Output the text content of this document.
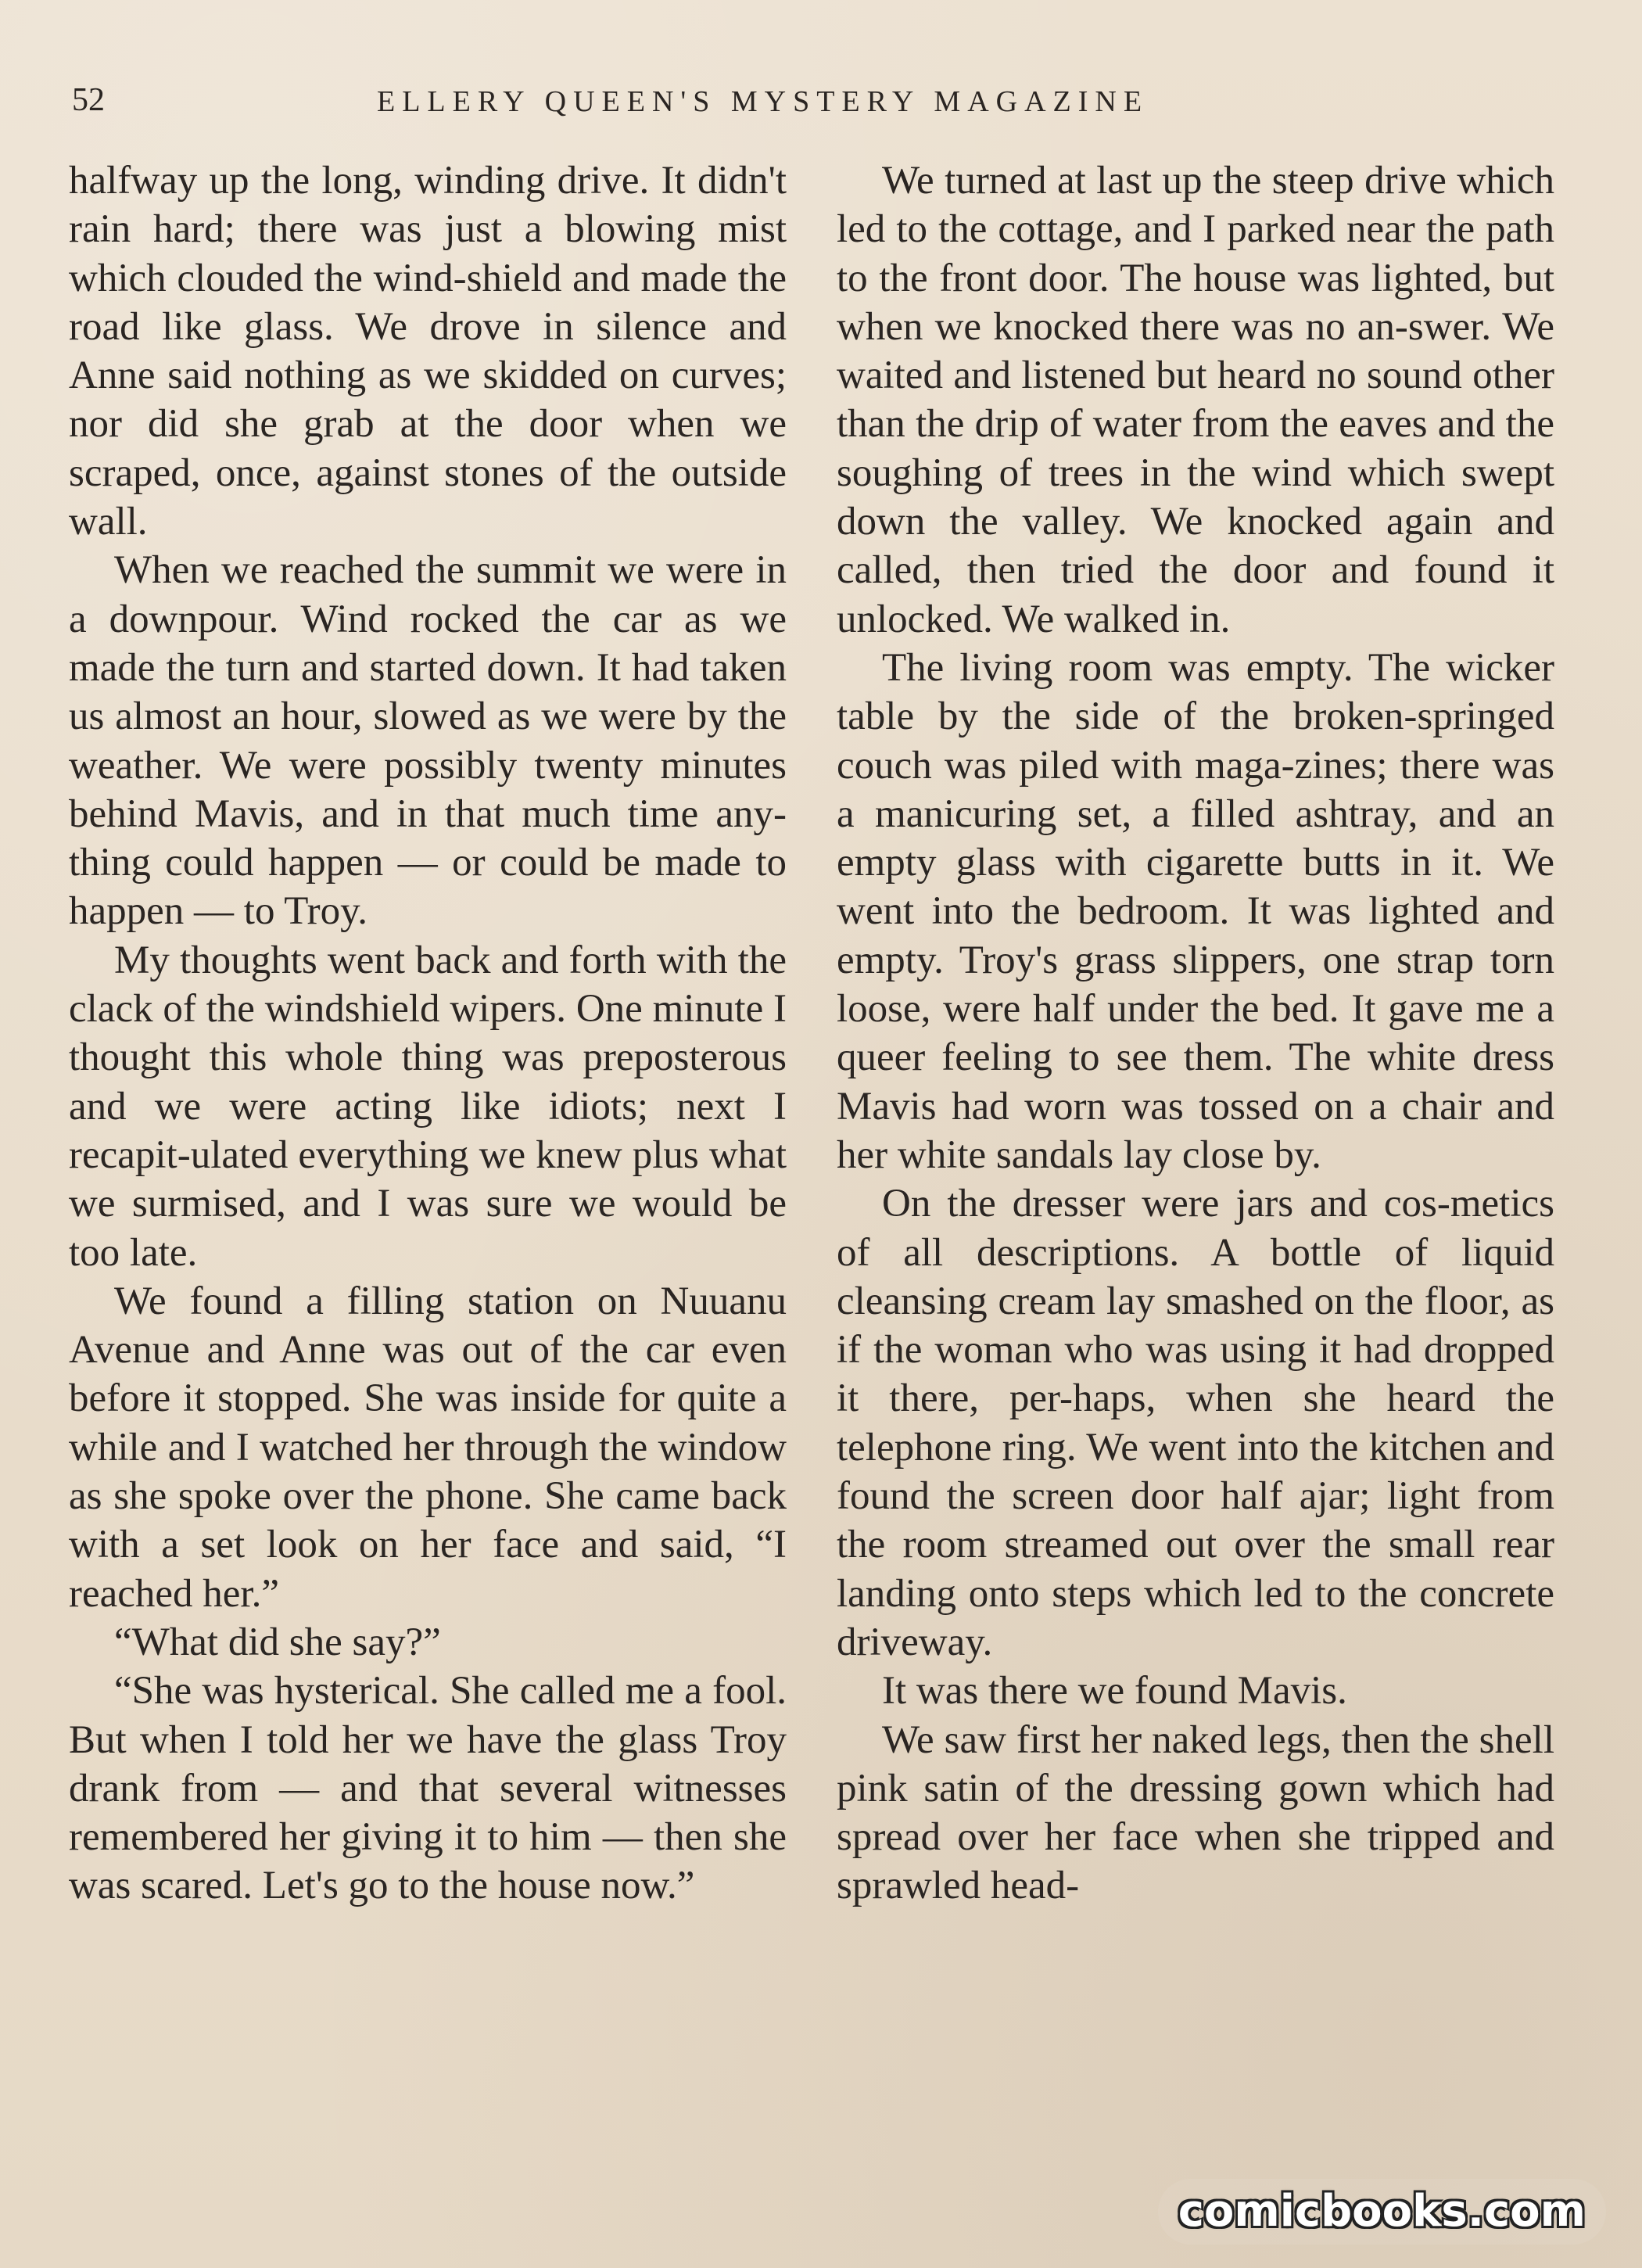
52	ELLERY QUEEN'S MYSTERY MAGAZINE

halfway up the long, winding drive. It didn't rain hard; there was just a blowing mist which clouded the wind-shield and made the road like glass. We drove in silence and Anne said nothing as we skidded on curves; nor did she grab at the door when we scraped, once, against stones of the outside wall.

When we reached the summit we were in a downpour. Wind rocked the car as we made the turn and started down. It had taken us almost an hour, slowed as we were by the weather. We were possibly twenty minutes behind Mavis, and in that much time any-thing could happen — or could be made to happen — to Troy.

My thoughts went back and forth with the clack of the windshield wipers. One minute I thought this whole thing was preposterous and we were acting like idiots; next I recapit-ulated everything we knew plus what we surmised, and I was sure we would be too late.

We found a filling station on Nuuanu Avenue and Anne was out of the car even before it stopped. She was inside for quite a while and I watched her through the window as she spoke over the phone. She came back with a set look on her face and said, “I reached her.”

“What did she say?”

“She was hysterical. She called me a fool. But when I told her we have the glass Troy drank from — and that several witnesses remembered her giving it to him — then she was scared. Let's go to the house now.”

We turned at last up the steep drive which led to the cottage, and I parked near the path to the front door. The house was lighted, but when we knocked there was no an-swer. We waited and listened but heard no sound other than the drip of water from the eaves and the soughing of trees in the wind which swept down the valley. We knocked again and called, then tried the door and found it unlocked. We walked in.

The living room was empty. The wicker table by the side of the broken-springed couch was piled with maga-zines; there was a manicuring set, a filled ashtray, and an empty glass with cigarette butts in it. We went into the bedroom. It was lighted and empty. Troy's grass slippers, one strap torn loose, were half under the bed. It gave me a queer feeling to see them. The white dress Mavis had worn was tossed on a chair and her white sandals lay close by.

On the dresser were jars and cos-metics of all descriptions. A bottle of liquid cleansing cream lay smashed on the floor, as if the woman who was using it had dropped it there, per-haps, when she heard the telephone ring. We went into the kitchen and found the screen door half ajar; light from the room streamed out over the small rear landing onto steps which led to the concrete driveway.

It was there we found Mavis.

We saw first her naked legs, then the shell pink satin of the dressing gown which had spread over her face when she tripped and sprawled head-

comicbooks.com
